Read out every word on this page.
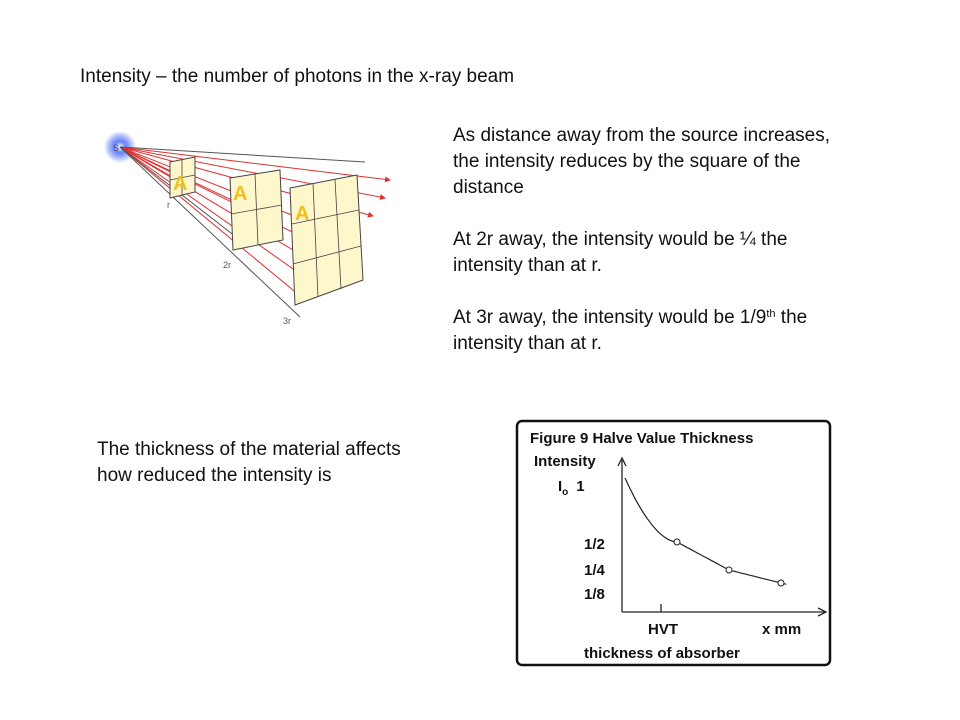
Intensity – the number of photons in the x-ray beam

As distance away from the source increases,
the intensity reduces by the square of the
distance

At 2r away, the intensity would be ¼ the
intensity than at r.

At 3r away, the intensity would be 1/9th the
intensity than at r.

The thickness of the material affects
how reduced the intensity is
A A
A
S
r
2r
3r
Figure 9 Halve Value Thickness
Intensity
$I_o$ 1
1/2
1/4
1/8
HVT	x mm
thickness of absorber
